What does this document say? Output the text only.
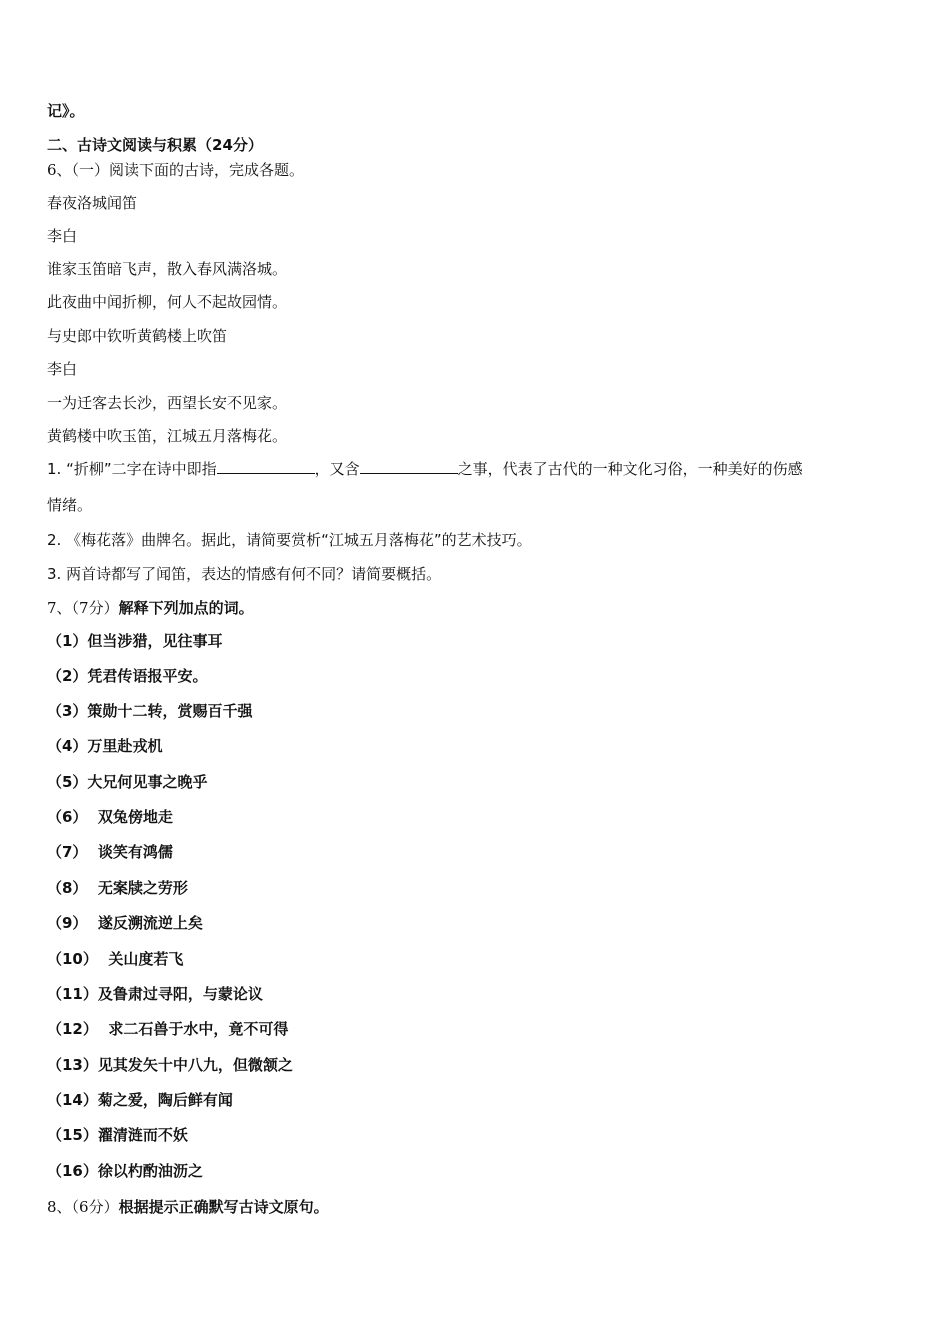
记》。
二、古诗文阅读与积累（24分）
6、（一）阅读下面的古诗，完成各题。
春夜洛城闻笛
李白
谁家玉笛暗飞声，散入春风满洛城。
此夜曲中闻折柳，何人不起故园情。
与史郎中钦听黄鹤楼上吹笛
李白
一为迁客去长沙，西望长安不见家。
黄鹤楼中吹玉笛，江城五月落梅花。
1. “折柳”二字在诗中即指	，又含	之事，代表了古代的一种文化习俗，一种美好的伤感
情绪。
2. 《梅花落》曲牌名。据此，请简要赏析“江城五月落梅花”的艺术技巧。
3. 两首诗都写了闻笛，表达的情感有何不同？请简要概括。
7、（7分）解释下列加点的词。
（1）但当涉猎，见往事耳
（2）凭君传语报平安。
（3）策勋十二转，赏赐百千强
（4）万里赴戎机
（5）大兄何见事之晚乎
（6）  双兔傍地走
（7）  谈笑有鸿儒
（8）  无案牍之劳形
（9）  遂反溯流逆上矣
（10）  关山度若飞
（11）及鲁肃过寻阳，与蒙论议
（12）  求二石兽于水中，竟不可得
（13）见其发矢十中八九，但微颔之
（14）菊之爱，陶后鲜有闻
（15）濯清涟而不妖
（16）徐以杓酌油沥之
8、（6分）根据提示正确默写古诗文原句。
